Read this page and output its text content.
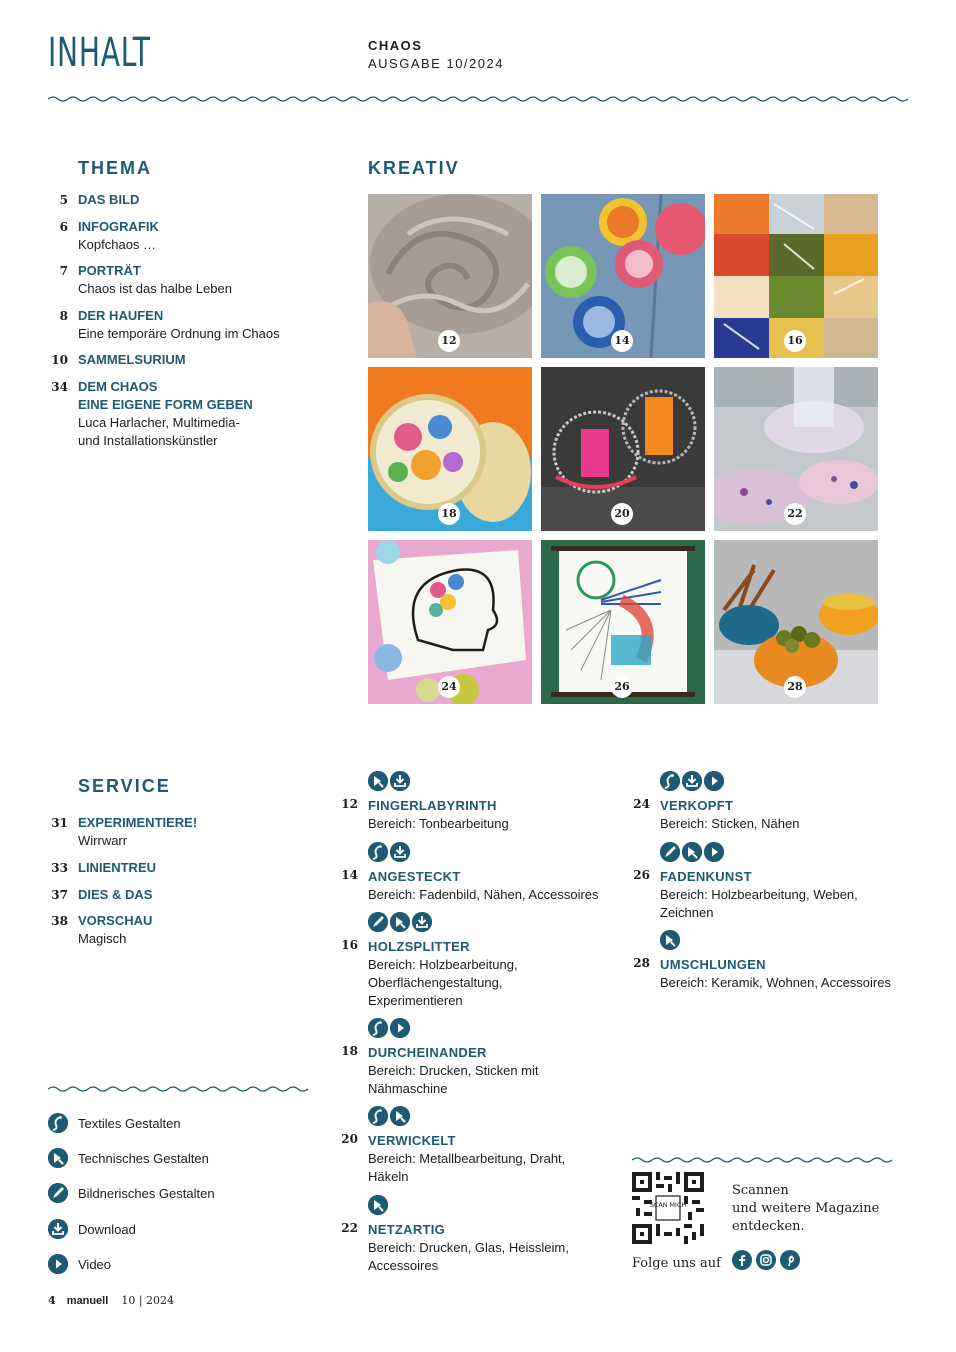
INHALT	CHAOS
AUSGABE 10/2024
THEMA
5 DAS BILD
6 INFOGRAFIK
Kopfchaos …
7 PORTRÄT
Chaos ist das halbe Leben
8 DER HAUFEN
Eine temporäre Ordnung im Chaos
10 SAMMELSURIUM
34 DEM CHAOS
EINE EIGENE FORM GEBEN
Luca Harlacher, Multimedia-
und Installationskünstler
KREATIV
12	14	16
18	20	22
24	26	28
SERVICE
31 EXPERIMENTIERE!
Wirrwarr
33 LINIENTREU
37 DIES & DAS
38 VORSCHAU
Magisch
12 FINGERLABYRINTH
Bereich: Tonbearbeitung
14 ANGESTECKT
Bereich: Fadenbild, Nähen, Accessoires
16 HOLZSPLITTER
Bereich: Holzbearbeitung,
Oberflächengestaltung,
Experimentieren
18 DURCHEINANDER
Bereich: Drucken, Sticken mit
Nähmaschine
20 VERWICKELT
Bereich: Metallbearbeitung, Draht,
Häkeln
22 NETZARTIG
Bereich: Drucken, Glas, Heissleim,
Accessoires
24 VERKOPFT
Bereich: Sticken, Nähen
26 FADENKUNST
Bereich: Holzbearbeitung, Weben,
Zeichnen
28 UMSCHLUNGEN
Bereich: Keramik, Wohnen, Accessoires
Textiles Gestalten
Technisches Gestalten
Bildnerisches Gestalten
Download
Video
SCAN MICH
Scannen
und weitere Magazine
entdecken.
Folge uns auf
4 manuell 10 | 2024
